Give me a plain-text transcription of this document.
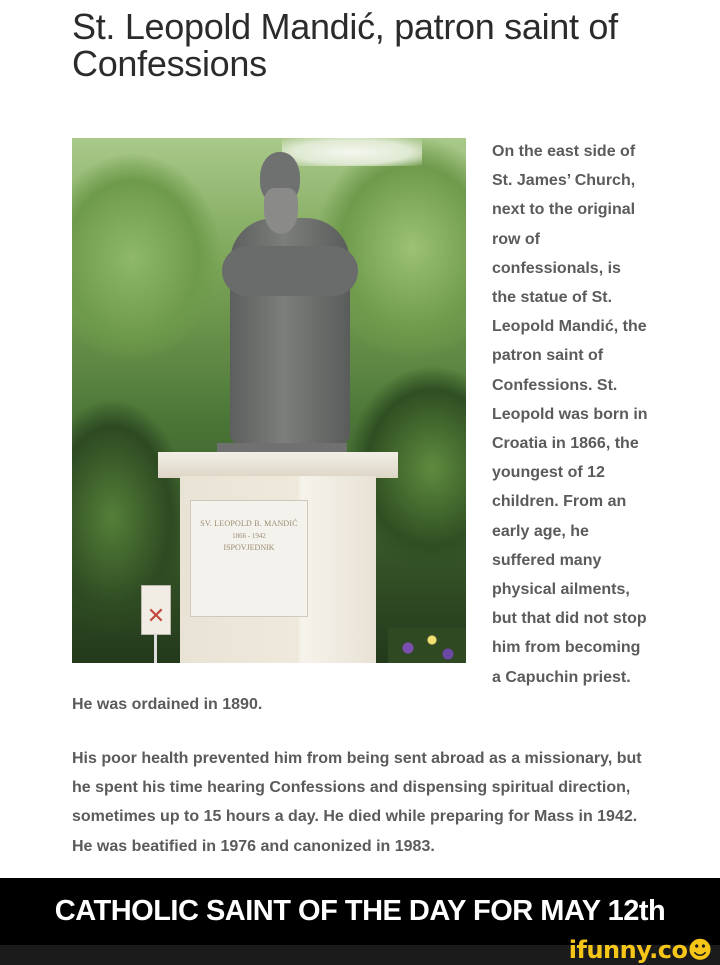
St. Leopold Mandić, patron saint of
Confessions
SV. LEOPOLD B. MANDIĆ
1866 - 1942
ISPOVJEDNIK
✕
On the east side of
St. James’ Church,
next to the original
row of
confessionals, is
the statue of St.
Leopold Mandić, the
patron saint of
Confessions. St.
Leopold was born in
Croatia in 1866, the
youngest of 12
children. From an
early age, he
suffered many
physical ailments,
but that did not stop
him from becoming
a Capuchin priest.
He was ordained in 1890.
His poor health prevented him from being sent abroad as a missionary, but
he spent his time hearing Confessions and dispensing spiritual direction,
sometimes up to 15 hours a day. He died while preparing for Mass in 1942.
He was beatified in 1976 and canonized in 1983.
CATHOLIC SAINT OF THE DAY FOR MAY 12th
ifunny.co☻
